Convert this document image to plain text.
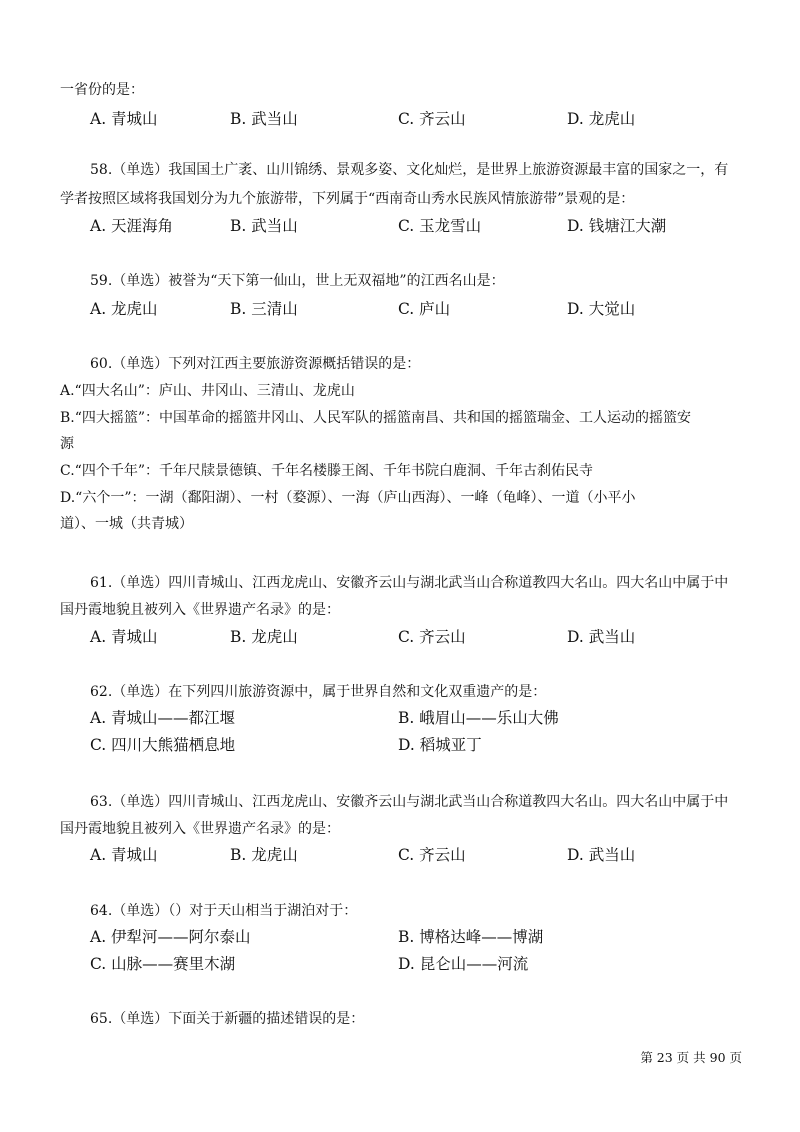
一省份的是：
A. 青城山	B. 武当山	C. 齐云山	D. 龙虎山
58.（单选）我国国土广袤、山川锦绣、景观多姿、文化灿烂，是世界上旅游资源最丰富的国家之一，有
学者按照区域将我国划分为九个旅游带，下列属于“西南奇山秀水民族风情旅游带”景观的是：
A. 天涯海角	B. 武当山	C. 玉龙雪山	D. 钱塘江大潮
59.（单选）被誉为“天下第一仙山，世上无双福地”的江西名山是：
A. 龙虎山	B. 三清山	C. 庐山	D. 大觉山
60.（单选）下列对江西主要旅游资源概括错误的是：
A.“四大名山”：庐山、井冈山、三清山、龙虎山
B.“四大摇篮”：中国革命的摇篮井冈山、人民军队的摇篮南昌、共和国的摇篮瑞金、工人运动的摇篮安
源
C.“四个千年”：千年尺牍景德镇、千年名楼滕王阁、千年书院白鹿洞、千年古刹佑民寺
D.“六个一”：一湖（鄱阳湖）、一村（婺源）、一海（庐山西海）、一峰（龟峰）、一道（小平小
道）、一城（共青城）
61.（单选）四川青城山、江西龙虎山、安徽齐云山与湖北武当山合称道教四大名山。四大名山中属于中
国丹霞地貌且被列入《世界遗产名录》的是：
A. 青城山	B. 龙虎山	C. 齐云山	D. 武当山
62.（单选）在下列四川旅游资源中，属于世界自然和文化双重遗产的是：
A. 青城山——都江堰	B. 峨眉山——乐山大佛
C. 四川大熊猫栖息地	D. 稻城亚丁
63.（单选）四川青城山、江西龙虎山、安徽齐云山与湖北武当山合称道教四大名山。四大名山中属于中
国丹霞地貌且被列入《世界遗产名录》的是：
A. 青城山	B. 龙虎山	C. 齐云山	D. 武当山
64.（单选）（）对于天山相当于湖泊对于：
A. 伊犁河——阿尔泰山	B. 博格达峰——博湖
C. 山脉——赛里木湖	D. 昆仑山——河流
65.（单选）下面关于新疆的描述错误的是：
第 23 页 共 90 页
